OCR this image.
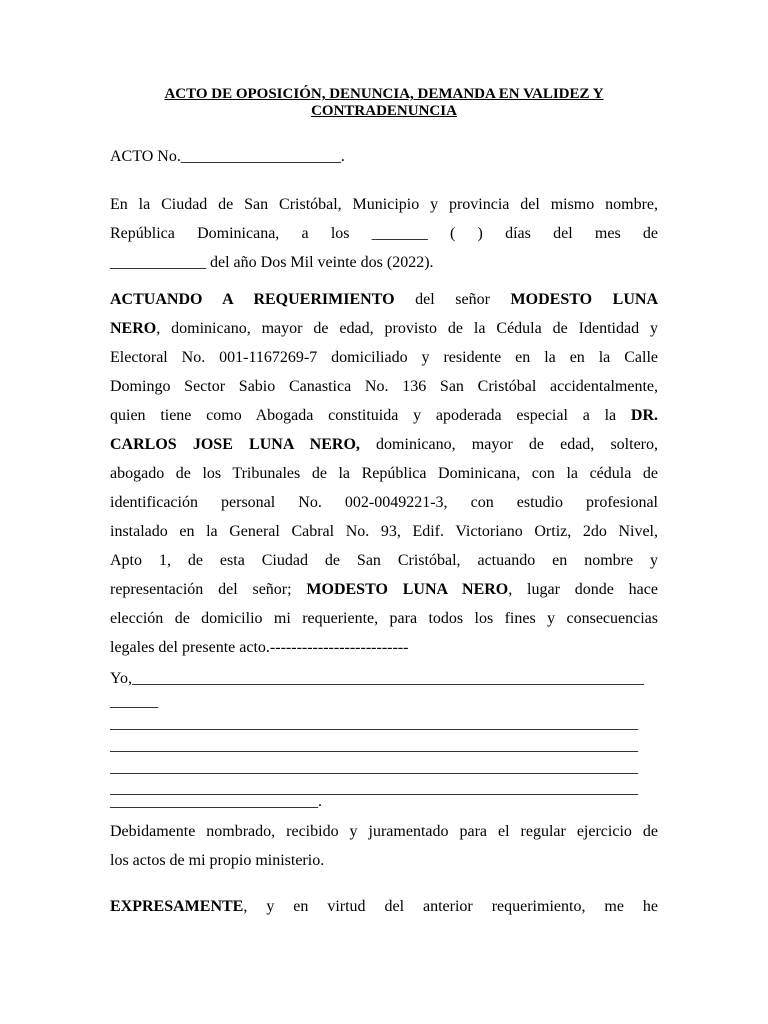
ACTO DE OPOSICIÓN, DENUNCIA, DEMANDA EN VALIDEZ Y
CONTRADENUNCIA
ACTO No.____________________.
En la Ciudad de San Cristóbal, Municipio y provincia del mismo nombre,
República Dominicana, a los _______ ( ) días del mes de
____________ del año Dos Mil veinte dos (2022).
ACTUANDO A REQUERIMIENTO del señor MODESTO LUNA
NERO, dominicano, mayor de edad, provisto de la Cédula de Identidad y
Electoral No. 001-1167269-7 domiciliado y residente en la en la Calle
Domingo Sector Sabio Canastica No. 136 San Cristóbal accidentalmente,
quien tiene como Abogada constituida y apoderada especial a la DR.
CARLOS JOSE LUNA NERO, dominicano, mayor de edad, soltero,
abogado de los Tribunales de la República Dominicana, con la cédula de
identificación personal No. 002-0049221-3, con estudio profesional
instalado en la General Cabral No. 93, Edif. Victoriano Ortiz, 2do Nivel,
Apto 1, de esta Ciudad de San Cristóbal, actuando en nombre y
representación del señor; MODESTO LUNA NERO, lugar donde hace
elección de domicilio mi requeriente, para todos los fines y consecuencias
legales del presente acto.--------------------------
Yo,________________________________________________________________
______
__________________________________________________________________
__________________________________________________________________
__________________________________________________________________
__________________________________________________________________
__________________________.
Debidamente nombrado, recibido y juramentado para el regular ejercicio de
los actos de mi propio ministerio.
EXPRESAMENTE, y en virtud del anterior requerimiento, me he
